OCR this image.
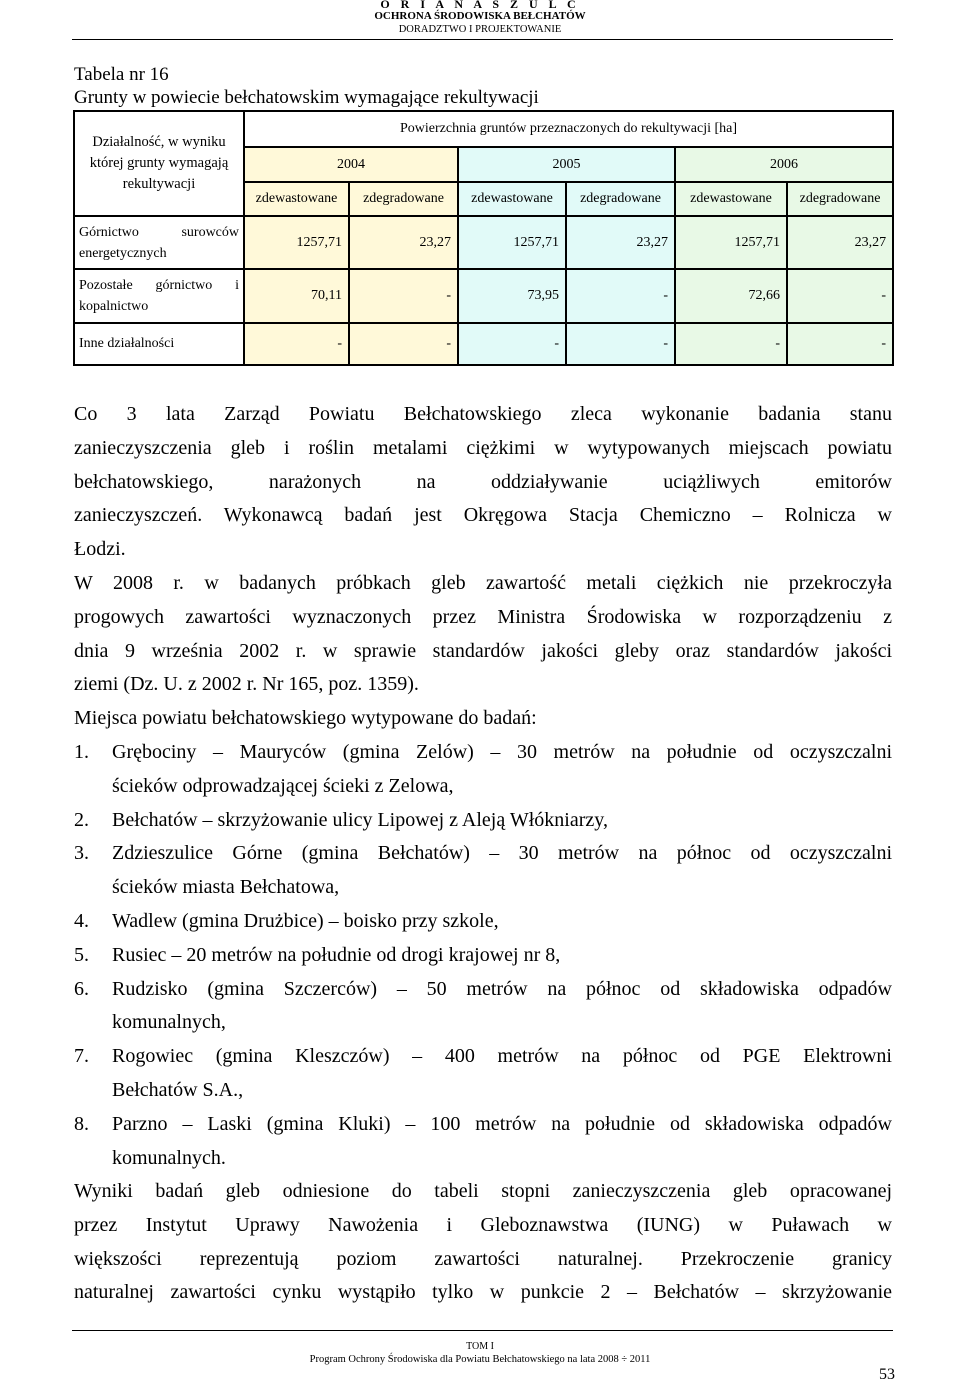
O R I A N A S Z U L C
OCHRONA ŚRODOWISKA BEŁCHATÓW
DORADZTWO I PROJEKTOWANIE
Tabela nr 16
Grunty w powiecie bełchatowskim wymagające rekultywacji
Działalność, w wyniku której grunty wymagają rekultywacji	Powierzchnia gruntów przeznaczonych do rekultywacji [ha]					
	2004		2005		2006	
	zdewastowane	zdegradowane	zdewastowane	zdegradowane	zdewastowane	zdegradowane
Górnictwo surowców energetycznych	1257,71	23,27	1257,71	23,27	1257,71	23,27
Pozostałe górnictwo i kopalnictwo	70,11	-	73,95	-	72,66	-
Inne działalności	-	-	-	-	-	-
Co 3 lata Zarząd Powiatu Bełchatowskiego zleca wykonanie badania stanu
zanieczyszczenia gleb i roślin metalami ciężkimi w wytypowanych miejscach powiatu
bełchatowskiego, narażonych na oddziaływanie uciążliwych emitorów
zanieczyszczeń. Wykonawcą badań jest Okręgowa Stacja Chemiczno – Rolnicza w
Łodzi.
W 2008 r. w badanych próbkach gleb zawartość metali ciężkich nie przekroczyła
progowych zawartości wyznaczonych przez Ministra Środowiska w rozporządzeniu z
dnia 9 września 2002 r. w sprawie standardów jakości gleby oraz standardów jakości
ziemi (Dz. U. z 2002 r. Nr 165, poz. 1359).
Miejsca powiatu bełchatowskiego wytypowane do badań:
1.	Grębociny – Mauryców (gmina Zelów) – 30 metrów na południe od oczyszczalni
ścieków odprowadzającej ścieki z Zelowa,
2.	Bełchatów – skrzyżowanie ulicy Lipowej z Aleją Włókniarzy,
3.	Zdzieszulice Górne (gmina Bełchatów) – 30 metrów na północ od oczyszczalni
ścieków miasta Bełchatowa,
4.	Wadlew (gmina Drużbice) – boisko przy szkole,
5.	Rusiec – 20 metrów na południe od drogi krajowej nr 8,
6.	Rudzisko (gmina Szczerców) – 50 metrów na północ od składowiska odpadów
komunalnych,
7.	Rogowiec (gmina Kleszczów) – 400 metrów na północ od PGE Elektrowni
Bełchatów S.A.,
8.	Parzno – Laski (gmina Kluki) – 100 metrów na południe od składowiska odpadów
komunalnych.
Wyniki badań gleb odniesione do tabeli stopni zanieczyszczenia gleb opracowanej
przez Instytut Uprawy Nawożenia i Gleboznawstwa (IUNG) w Puławach w
większości reprezentują poziom zawartości naturalnej. Przekroczenie granicy
naturalnej zawartości cynku wystąpiło tylko w punkcie 2 – Bełchatów – skrzyżowanie
TOM I
Program Ochrony Środowiska dla Powiatu Bełchatowskiego na lata 2008 ÷ 2011
53
